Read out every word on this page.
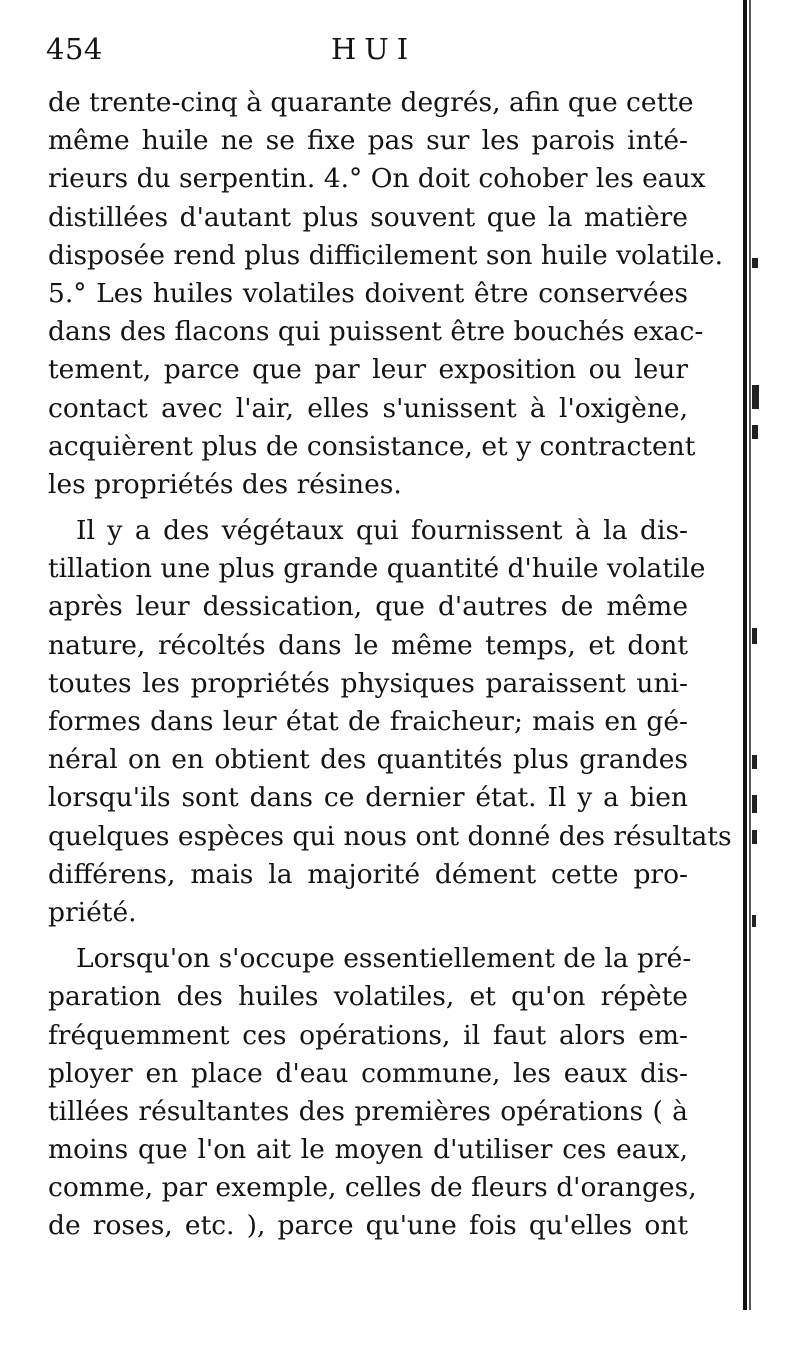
454	HUI
de trente-cinq à quarante degrés, afin que cette
même huile ne se fixe pas sur les parois inté-
rieurs du serpentin. 4.° On doit cohober les eaux
distillées d'autant plus souvent que la matière
disposée rend plus difficilement son huile volatile.
5.° Les huiles volatiles doivent être conservées
dans des flacons qui puissent être bouchés exac-
tement, parce que par leur exposition ou leur
contact avec l'air, elles s'unissent à l'oxigène,
acquièrent plus de consistance, et y contractent
les propriétés des résines.
Il y a des végétaux qui fournissent à la dis-
tillation une plus grande quantité d'huile volatile
après leur dessication, que d'autres de même
nature, récoltés dans le même temps, et dont
toutes les propriétés physiques paraissent uni-
formes dans leur état de fraicheur; mais en gé-
néral on en obtient des quantités plus grandes
lorsqu'ils sont dans ce dernier état. Il y a bien
quelques espèces qui nous ont donné des résultats
différens, mais la majorité dément cette pro-
priété.
Lorsqu'on s'occupe essentiellement de la pré-
paration des huiles volatiles, et qu'on répète
fréquemment ces opérations, il faut alors em-
ployer en place d'eau commune, les eaux dis-
tillées résultantes des premières opérations ( à
moins que l'on ait le moyen d'utiliser ces eaux,
comme, par exemple, celles de fleurs d'oranges,
de roses, etc. ), parce qu'une fois qu'elles ont
